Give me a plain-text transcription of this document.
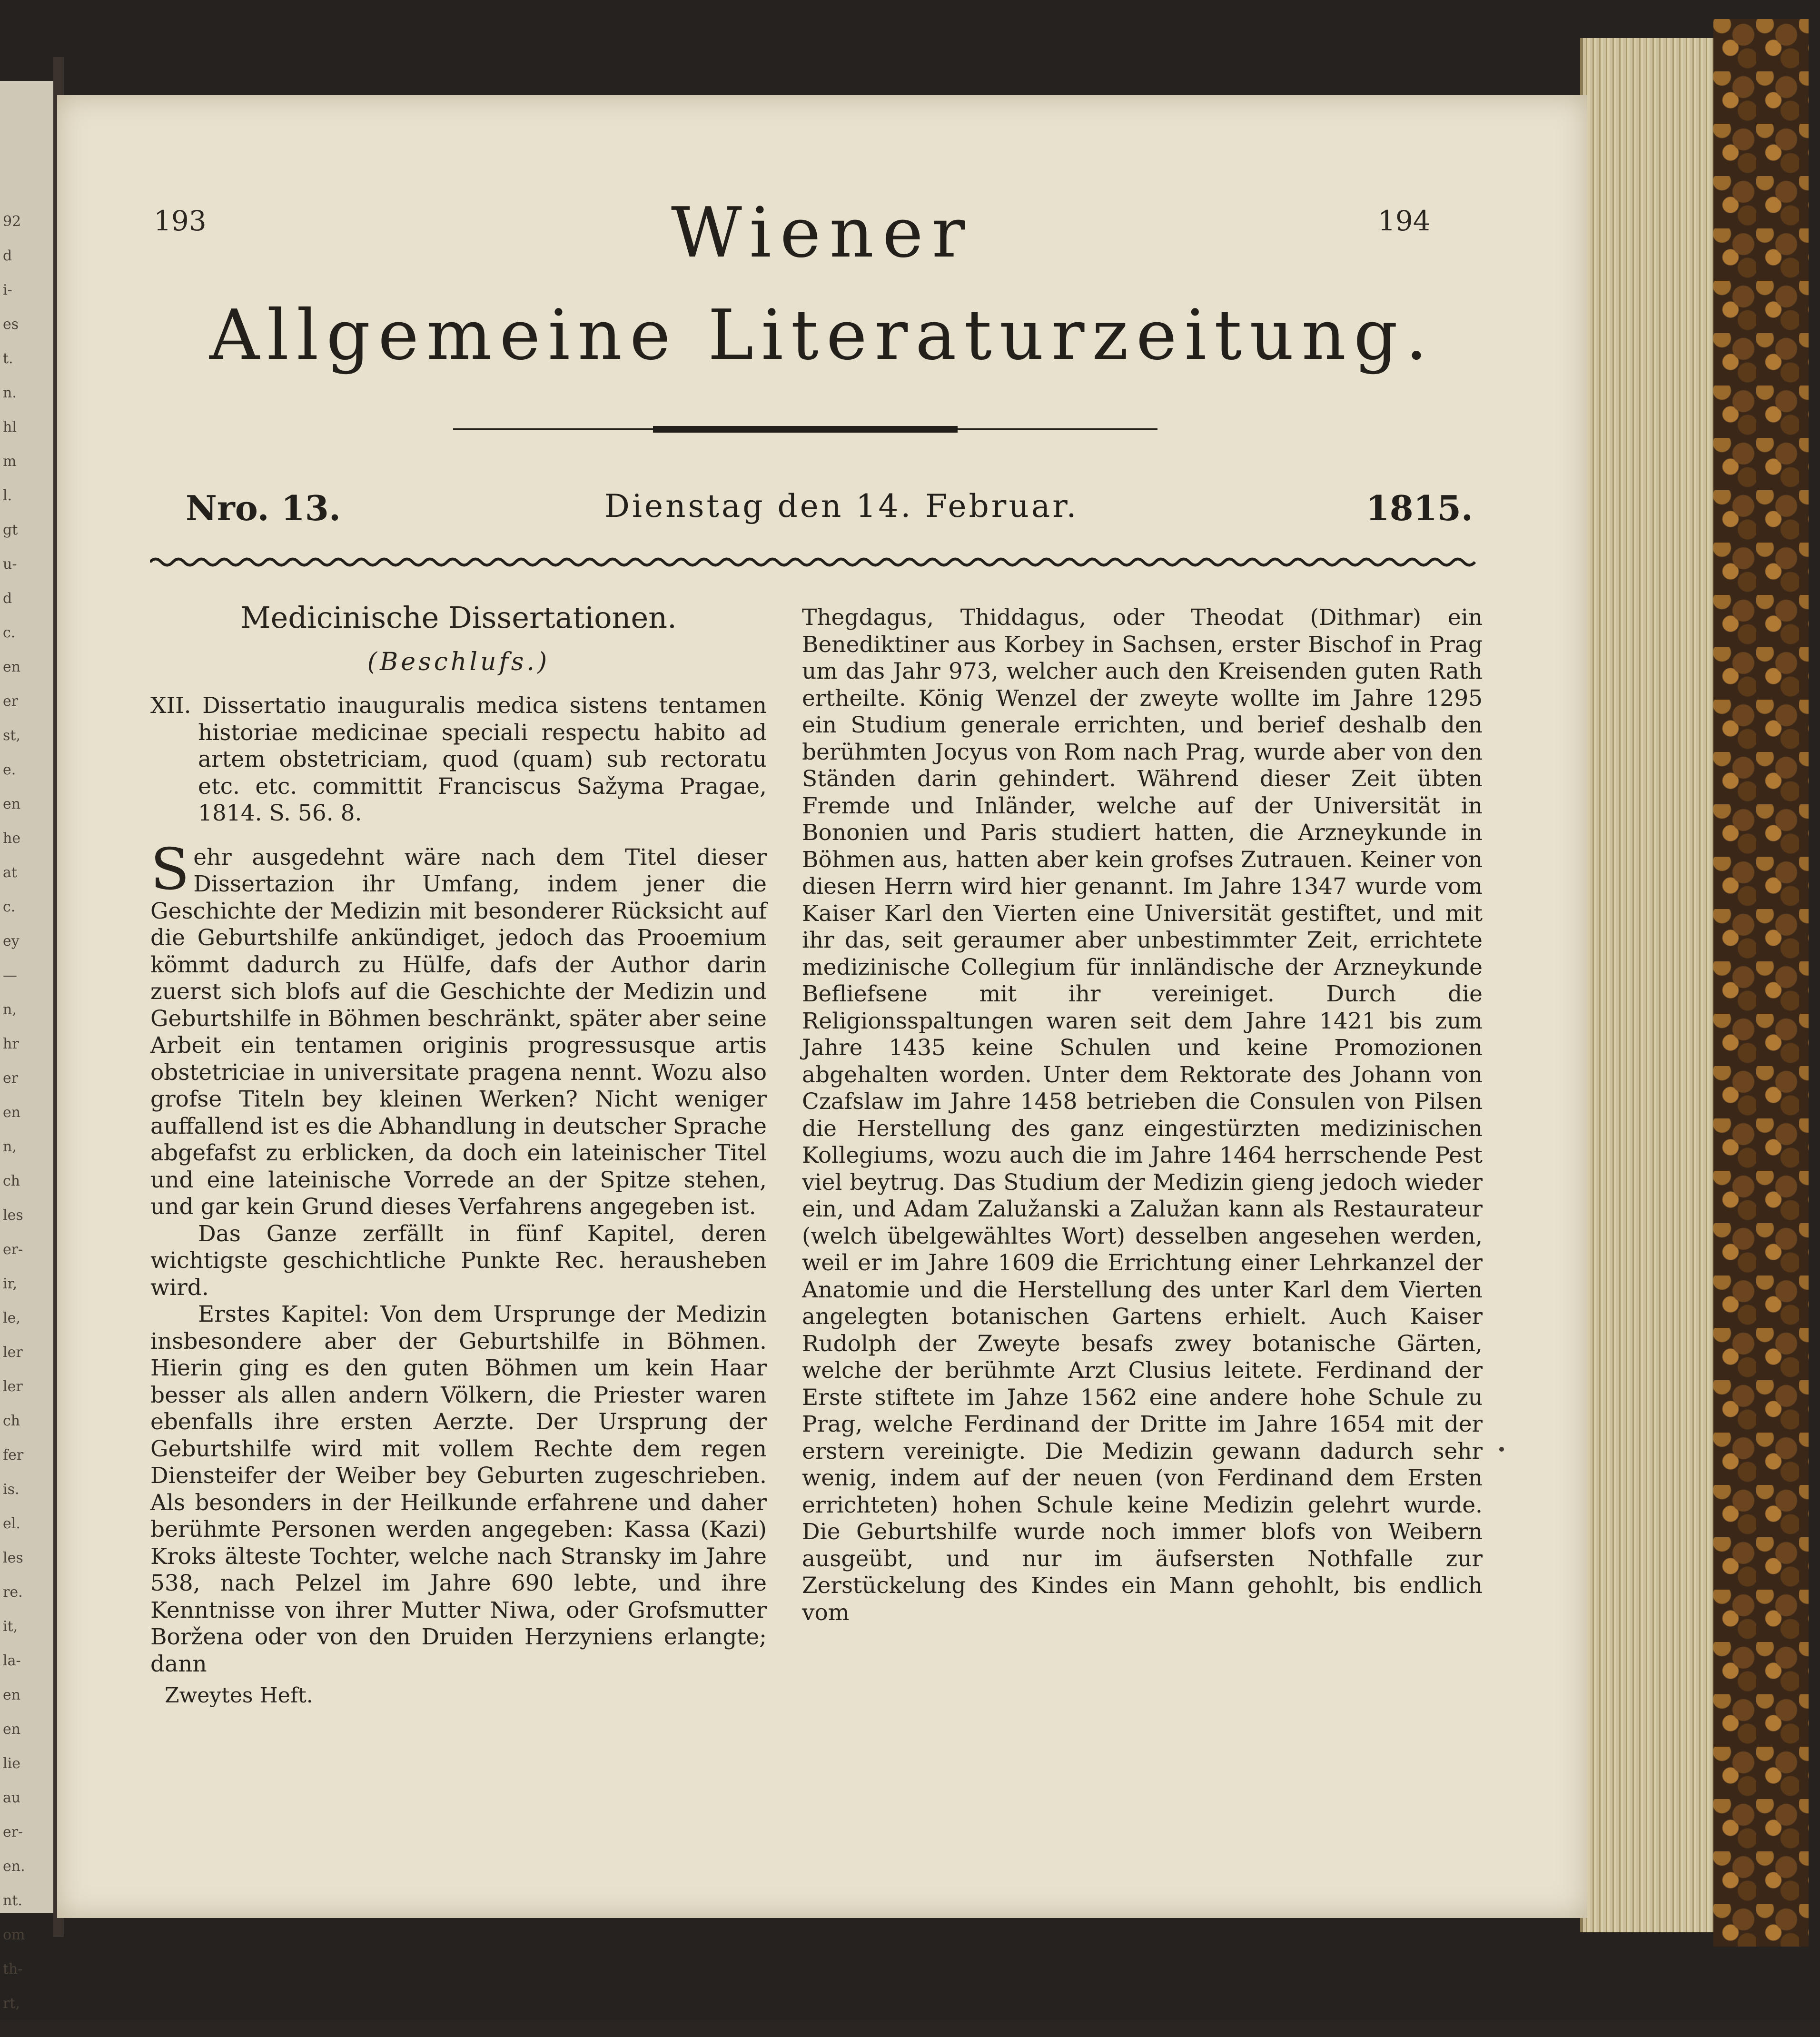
92
d
i-
es
t.
n.
hl
m
l.
gt
u-
d
c.
en
er
st,
e.
en
he
at
c.
ey
—
n,
hr
er
en
n,
ch
les
er-
ir,
le,
ler
ler
ch
fer
is.
el.
les
re.
it,
la-
en
en
lie
au
er-
en.
nt.
om
th-
rt,
193	194
Wiener
Allgemeine Literaturzeitung.
Nro. 13.	Dienstag den 14. Februar.	1815.
Medicinische Dissertationen.
(Beschlufs.)

XII. Dissertatio inauguralis medica sistens tentamen historiae medicinae speciali respectu habito ad artem obstetriciam, quod (quam) sub rectoratu etc. etc. committit Franciscus Sažyma Pragae, 1814. S. 56. 8.

Sehr ausgedehnt wäre nach dem Titel dieser Dissertazion ihr Umfang, indem jener die Geschichte der Medizin mit besonderer Rücksicht auf die Geburtshilfe ankündiget, jedoch das Prooemium kömmt dadurch zu Hülfe, dafs der Author darin zuerst sich blofs auf die Geschichte der Medizin und Geburtshilfe in Böhmen beschränkt, später aber seine Arbeit ein tentamen originis progressusque artis obstetriciae in universitate pragena nennt. Wozu also grofse Titeln bey kleinen Werken? Nicht weniger auffallend ist es die Abhandlung in deutscher Sprache abgefafst zu erblicken, da doch ein lateinischer Titel und eine lateinische Vorrede an der Spitze stehen, und gar kein Grund dieses Verfahrens angegeben ist.

Das Ganze zerfällt in fünf Kapitel, deren wichtigste geschichtliche Punkte Rec. herausheben wird.

Erstes Kapitel: Von dem Ursprunge der Medizin insbesondere aber der Geburtshilfe in Böhmen. Hierin ging es den guten Böhmen um kein Haar besser als allen andern Völkern, die Priester waren ebenfalls ihre ersten Aerzte. Der Ursprung der Geburtshilfe wird mit vollem Rechte dem regen Diensteifer der Weiber bey Geburten zugeschrieben. Als besonders in der Heilkunde erfahrene und daher berühmte Personen werden angegeben: Kassa (Kazi) Kroks älteste Tochter, welche nach Stransky im Jahre 538, nach Pelzel im Jahre 690 lebte, und ihre Kenntnisse von ihrer Mutter Niwa, oder Grofsmutter Boržena oder von den Druiden Herzyniens erlangte; dann

Zweytes Heft.

Thegdagus, Thiddagus, oder Theodat (Dithmar) ein Benediktiner aus Korbey in Sachsen, erster Bischof in Prag um das Jahr 973, welcher auch den Kreisenden guten Rath ertheilte. König Wenzel der zweyte wollte im Jahre 1295 ein Studium generale errichten, und berief deshalb den berühmten Jocyus von Rom nach Prag, wurde aber von den Ständen darin gehindert. Während dieser Zeit übten Fremde und Inländer, welche auf der Universität in Bononien und Paris studiert hatten, die Arzneykunde in Böhmen aus, hatten aber kein grofses Zutrauen. Keiner von diesen Herrn wird hier genannt. Im Jahre 1347 wurde vom Kaiser Karl den Vierten eine Universität gestiftet, und mit ihr das, seit geraumer aber unbestimmter Zeit, errichtete medizinische Collegium für innländische der Arzneykunde Befliefsene mit ihr vereiniget. Durch die Religionsspaltungen waren seit dem Jahre 1421 bis zum Jahre 1435 keine Schulen und keine Promozionen abgehalten worden. Unter dem Rektorate des Johann von Czafslaw im Jahre 1458 betrieben die Consulen von Pilsen die Herstellung des ganz eingestürzten medizinischen Kollegiums, wozu auch die im Jahre 1464 herrschende Pest viel beytrug. Das Studium der Medizin gieng jedoch wieder ein, und Adam Zalužanski a Zalužan kann als Restaurateur (welch übelgewähltes Wort) desselben angesehen werden, weil er im Jahre 1609 die Errichtung einer Lehrkanzel der Anatomie und die Herstellung des unter Karl dem Vierten angelegten botanischen Gartens erhielt. Auch Kaiser Rudolph der Zweyte besafs zwey botanische Gärten, welche der berühmte Arzt Clusius leitete. Ferdinand der Erste stiftete im Jahze 1562 eine andere hohe Schule zu Prag, welche Ferdinand der Dritte im Jahre 1654 mit der erstern vereinigte. Die Medizin gewann dadurch sehr wenig, indem auf der neuen (von Ferdinand dem Ersten errichteten) hohen Schule keine Medizin gelehrt wurde. Die Geburtshilfe wurde noch immer blofs von Weibern ausgeübt, und nur im äufsersten Nothfalle zur Zerstückelung des Kindes ein Mann gehohlt, bis endlich vom
